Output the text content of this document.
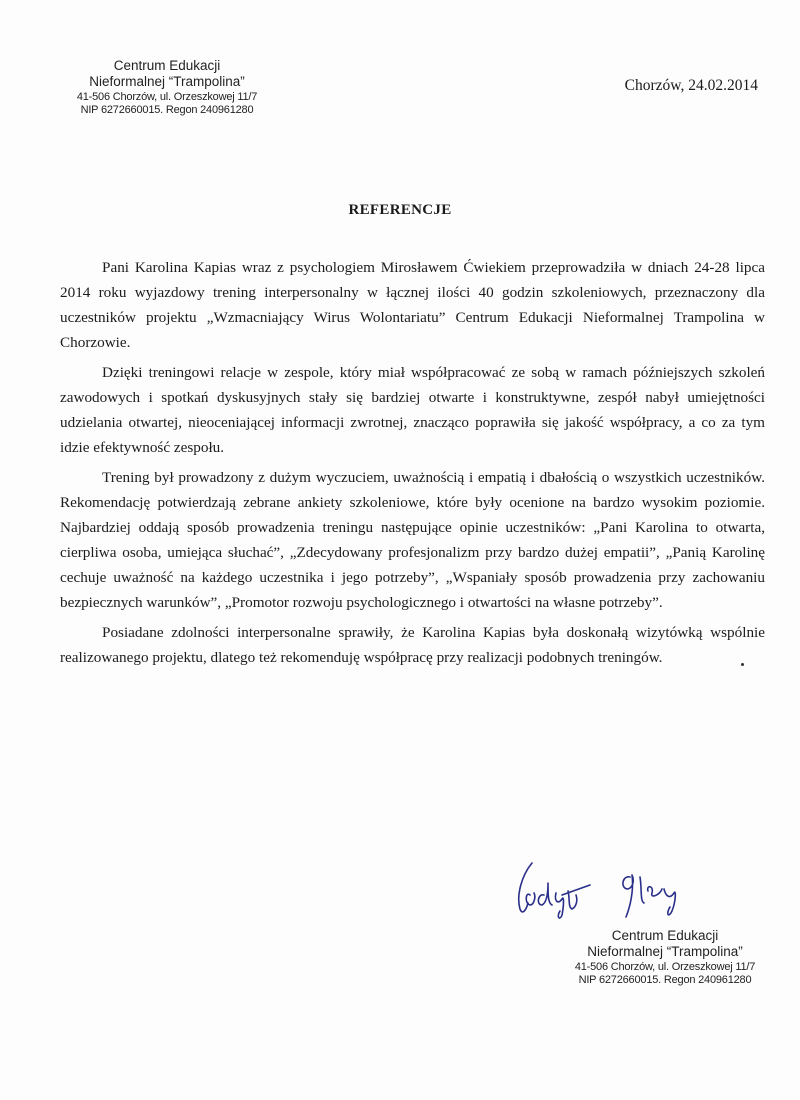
Centrum Edukacji
Nieformalnej “Trampolina”
41-506 Chorzów, ul. Orzeszkowej 11/7
NIP 6272660015. Regon 240961280
Chorzów, 24.02.2014
REFERENCJE

Pani Karolina Kapias wraz z psychologiem Mirosławem Ćwiekiem przeprowadziła w dniach 24-28 lipca 2014 roku wyjazdowy trening interpersonalny w łącznej ilości 40 godzin szkoleniowych, przeznaczony dla uczestników projektu „Wzmacniający Wirus Wolontariatu” Centrum Edukacji Nieformalnej Trampolina w Chorzowie.

Dzięki treningowi relacje w zespole, który miał współpracować ze sobą w ramach późniejszych szkoleń zawodowych i spotkań dyskusyjnych stały się bardziej otwarte i konstruktywne, zespół nabył umiejętności udzielania otwartej, nieoceniającej informacji zwrotnej, znacząco poprawiła się jakość współpracy, a co za tym idzie efektywność zespołu.

Trening był prowadzony z dużym wyczuciem, uważnością i empatią i dbałością o wszystkich uczestników. Rekomendację potwierdzają zebrane ankiety szkoleniowe, które były ocenione na bardzo wysokim poziomie. Najbardziej oddają sposób prowadzenia treningu następujące opinie uczestników: „Pani Karolina to otwarta, cierpliwa osoba, umiejąca słuchać”, „Zdecydowany profesjonalizm przy bardzo dużej empatii”, „Panią Karolinę cechuje uważność na każdego uczestnika i jego potrzeby”, „Wspaniały sposób prowadzenia przy zachowaniu bezpiecznych warunków”, „Promotor rozwoju psychologicznego i otwartości na własne potrzeby”.

Posiadane zdolności interpersonalne sprawiły, że Karolina Kapias była doskonałą wizytówką wspólnie realizowanego projektu, dlatego też rekomenduję współpracę przy realizacji podobnych treningów.

Centrum Edukacji
Nieformalnej “Trampolina”
41-506 Chorzów, ul. Orzeszkowej 11/7
NIP 6272660015. Regon 240961280
